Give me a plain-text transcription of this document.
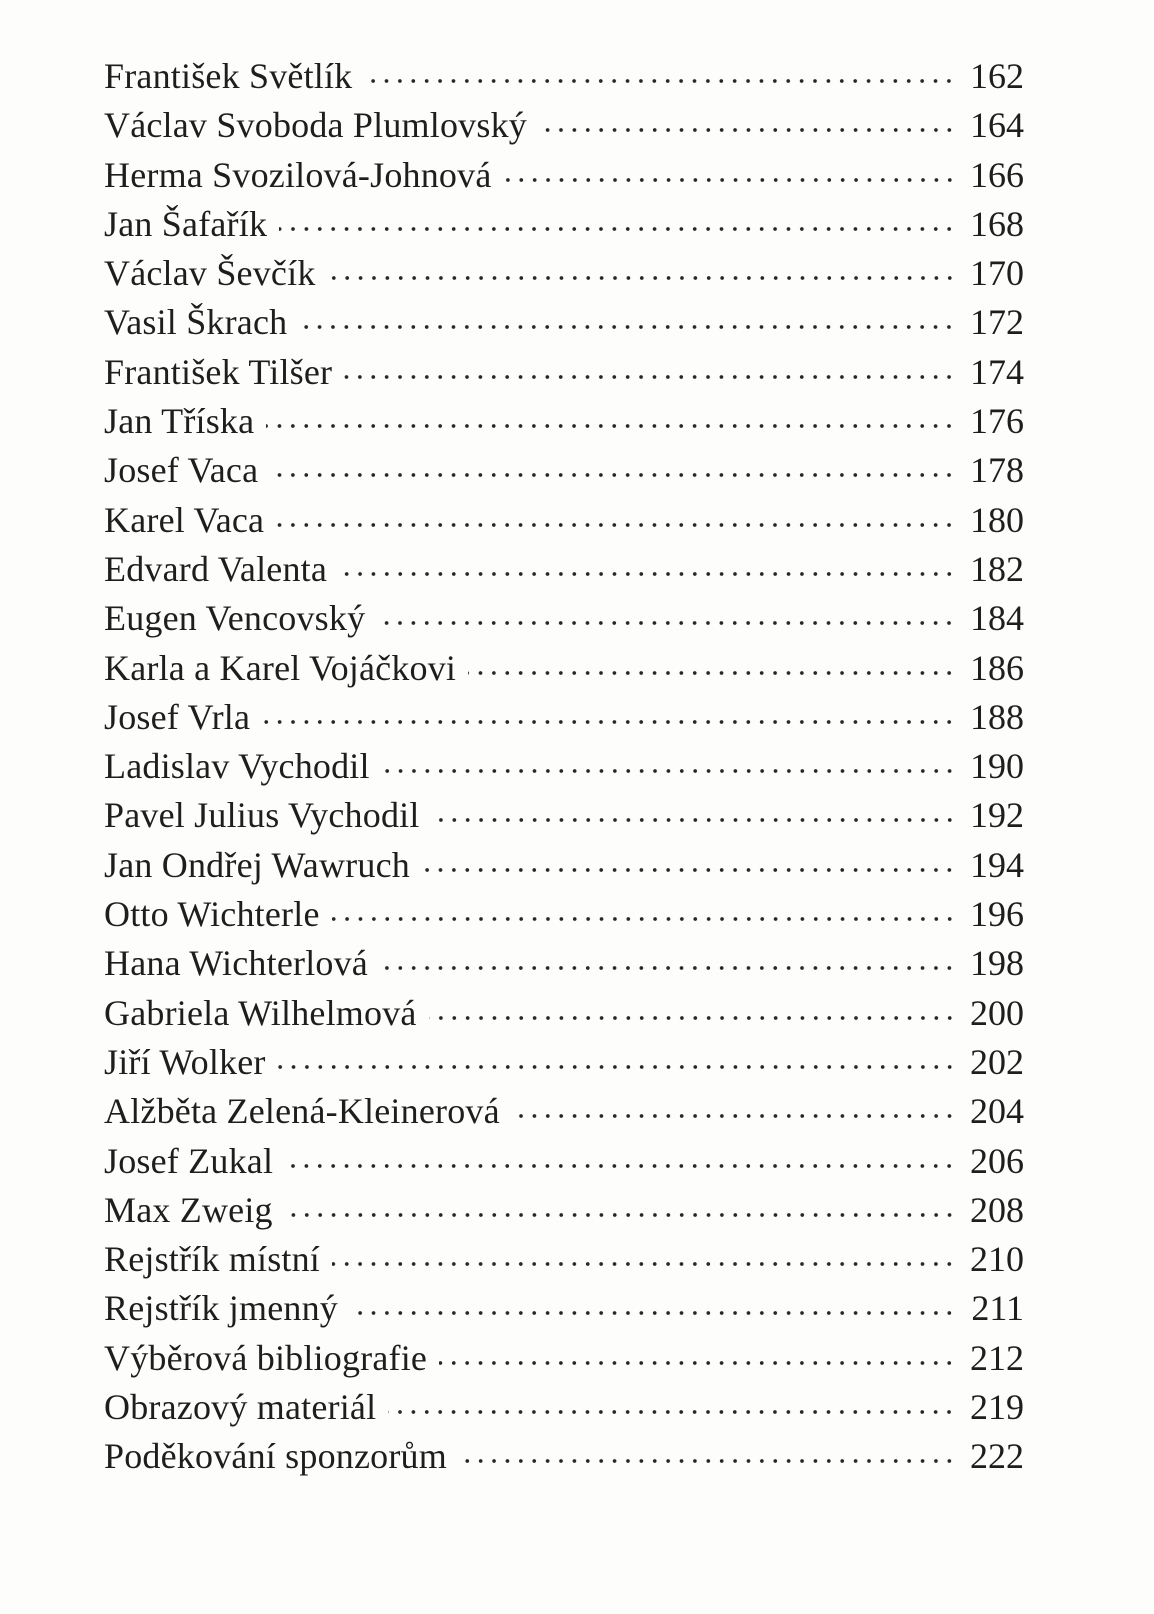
František Světlík	162
Václav Svoboda Plumlovský	164
Herma Svozilová-Johnová	166
Jan Šafařík	168
Václav Ševčík	170
Vasil Škrach	172
František Tilšer	174
Jan Tříska	176
Josef Vaca	178
Karel Vaca	180
Edvard Valenta	182
Eugen Vencovský	184
Karla a Karel Vojáčkovi	186
Josef Vrla	188
Ladislav Vychodil	190
Pavel Julius Vychodil	192
Jan Ondřej Wawruch	194
Otto Wichterle	196
Hana Wichterlová	198
Gabriela Wilhelmová	200
Jiří Wolker	202
Alžběta Zelená-Kleinerová	204
Josef Zukal	206
Max Zweig	208
Rejstřík místní	210
Rejstřík jmenný	211
Výběrová bibliografie	212
Obrazový materiál	219
Poděkování sponzorům	222
